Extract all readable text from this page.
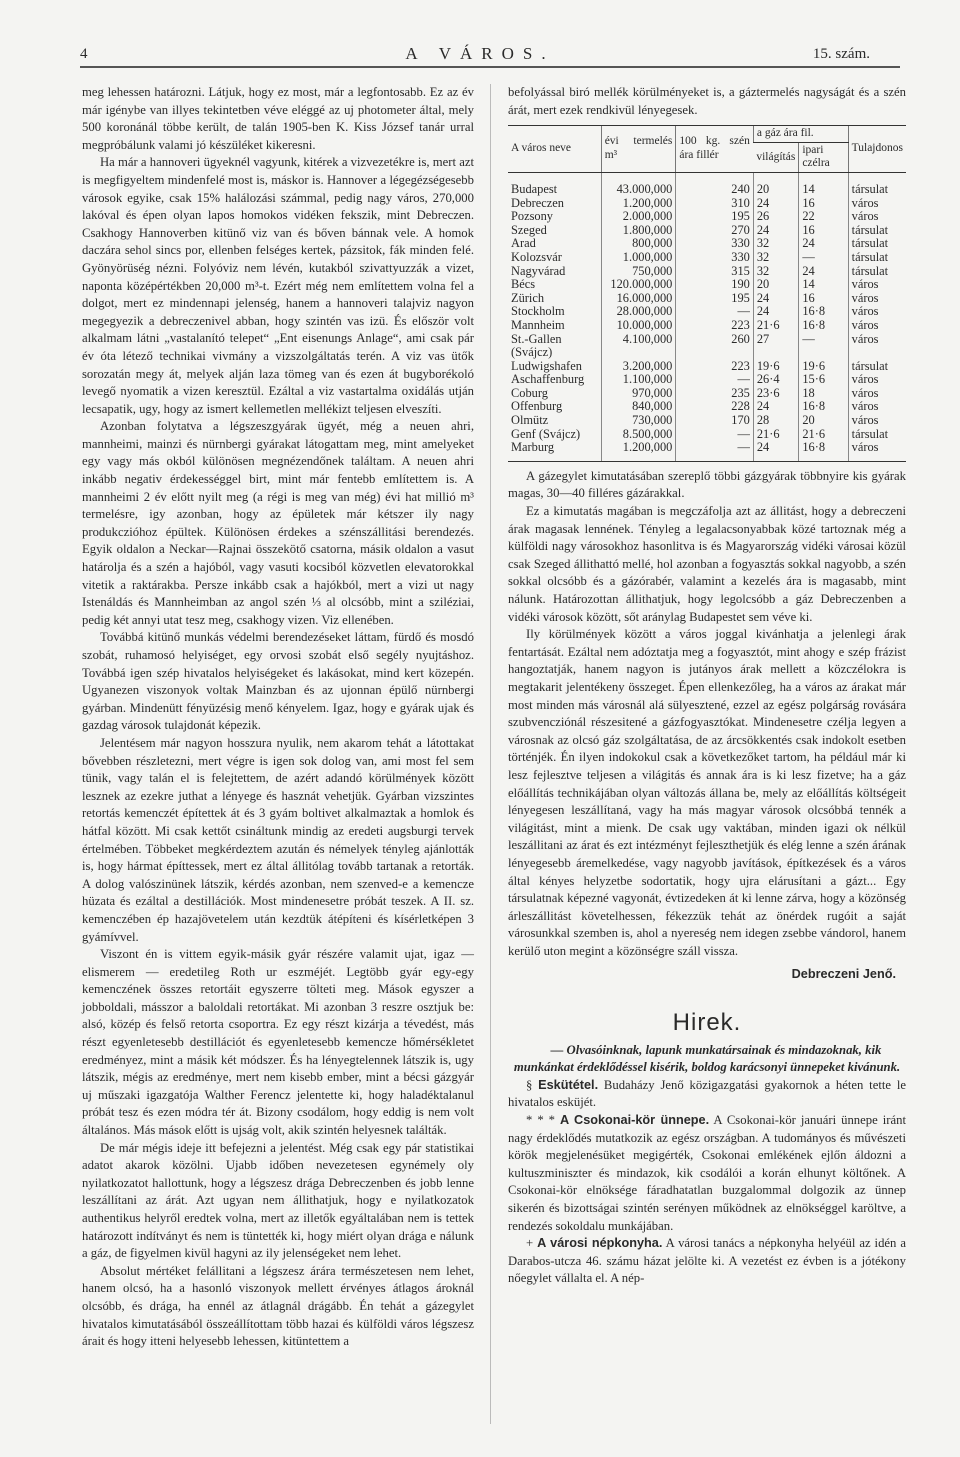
4	A VÁROS.	15. szám.

meg lehessen határozni. Látjuk, hogy ez most, már a legfontosabb. Ez az év már igénybe van illyes tekintetben véve eléggé az uj photometer által, mely 500 koronánál többe került, de talán 1905-ben K. Kiss József tanár urral megpróbálunk valami jó készüléket kikeresni.

Ha már a hannoveri ügyeknél vagyunk, kitérek a vizvezetékre is, mert azt is megfigyeltem mindenfelé most is, máskor is. Hannover a légegézségesebb városok egyike, csak 15% halálozási számmal, pedig nagy város, 270,000 lakóval és épen olyan lapos homokos vidéken fekszik, mint Debreczen. Csakhogy Hannoverben kitünő viz van és bőven bánnak vele. A homok daczára sehol sincs por, ellenben felséges kertek, pázsitok, fák minden felé. Gyönyörüség nézni. Folyóviz nem lévén, kutakból szivattyuzzák a vizet, naponta középértékben 20,000 m³-t. Ezért még nem említettem volna fel a dolgot, mert ez mindennapi jelenség, hanem a hannoveri talajviz nagyon megegyezik a debreczenivel abban, hogy szintén vas izü. És először volt alkalmam látni „vastalanító telepet“ „Ent eisenungs Anlage“, ami csak pár év óta létező technikai vivmány a vizszolgáltatás terén. A viz vas ütők sorozatán megy át, melyek alján laza tömeg van és ezen át bugyborékoló levegő nyomatik a vizen keresztül. Ezáltal a viz vastartalma oxidálás utján lecsapatik, ugy, hogy az ismert kellemetlen mellékizt teljesen elveszíti.

Azonban folytatva a légszeszgyárak ügyét, még a neuen ahri, mannheimi, mainzi és nürnbergi gyárakat látogattam meg, mint amelyeket egy vagy más okból különösen megnézendőnek találtam. A neuen ahri inkább negativ érdekességgel birt, mint már fentebb említettem is. A mannheimi 2 év előtt nyilt meg (a régi is meg van még) évi hat millió m³ termelésre, igy azonban, hogy az épületek már kétszer ily nagy produkczióhoz épültek. Különösen érdekes a szénszállitási berendezés. Egyik oldalon a Neckar—Rajnai összekötő csatorna, másik oldalon a vasut határolja és a szén a hajóból, vagy vasuti kocsiból közvetlen elevatorokkal vitetik a raktárakba. Persze inkább csak a hajókból, mert a vizi ut nagy Istenáldás és Mannheimban az angol szén ⅓ al olcsóbb, mint a sziléziai, pedig két annyi utat tesz meg, csakhogy vizen. Viz ellenében.

Továbbá kitünő munkás védelmi berendezéseket láttam, fürdő és mosdó szobát, ruhamosó helyiséget, egy orvosi szobát első segély nyujtáshoz. Továbbá igen szép hivatalos helyiségeket és lakásokat, mind kert közepén. Ugyanezen viszonyok voltak Mainzban és az ujonnan épülő nürnbergi gyárban. Mindenütt fényüzésig menő kényelem. Igaz, hogy e gyárak ujak és gazdag városok tulajdonát képezik.

Jelentésem már nagyon hosszura nyulik, nem akarom tehát a látottakat bővebben részletezni, mert végre is igen sok dolog van, ami most fel sem tünik, vagy talán el is felejtettem, de azért adandó körülmények között lesznek az ezekre juthat a lényege és hasznát vehetjük. Gyárban vizszintes retortás kemenczét építettek át és 3 gyám boltivet alkalmaztak a homlok és hátfal között. Mi csak kettőt csináltunk mindig az eredeti augsburgi tervek értelmében. Többeket megkérdeztem azután és némelyek tényleg ajánlották is, hogy hármat építtessek, mert ez által állitólag tovább tartanak a retorták. A dolog valószinünek látszik, kérdés azonban, nem szenved-e a kemencze hüzata és ezáltal a destillációk. Most mindenesetre próbát teszek. A II. sz. kemenczében ép hazajövetelem után kezdtük átépíteni és kísérletképen 3 gyámívvel.

Viszont én is vittem egyik-másik gyár részére valamit ujat, igaz — elismerem — eredetileg Roth ur eszméjét. Legtöbb gyár egy-egy kemenczének összes retortáit egyszerre tölteti meg. Mások egyszer a jobboldali, másszor a baloldali retortákat. Mi azonban 3 reszre osztjuk be: alsó, közép és felső retorta csoportra. Ez egy részt kizárja a tévedést, más részt egyenletesebb destillációt és egyenletesebb kemencze hőmérsékletet eredményez, mint a másik két módszer. És ha lényegtelennek látszik is, ugy látszik, mégis az eredménye, mert nem kisebb ember, mint a bécsi gázgyár uj műszaki igazgatója Walther Ferencz jelentette ki, hogy haladéktalanul próbát tesz és ezen módra tér át. Bizony csodálom, hogy eddig is nem volt általános. Más mások előtt is ujság volt, akik szintén helyesnek találták.

De már mégis ideje itt befejezni a jelentést. Még csak egy pár statistikai adatot akarok közölni. Ujabb időben nevezetesen egynémely oly nyilatkozatot hallottunk, hogy a légszesz drága Debreczenben és jobb lenne leszállítani az árát. Azt ugyan nem állithatjuk, hogy e nyilatkozatok authentikus helyről eredtek volna, mert az illetők egyáltalában nem is tettek határozott indítványt és nem is tüntették ki, hogy miért olyan drága e nálunk a gáz, de figyelmen kivül hagyni az ily jelenségeket nem lehet.

Absolut mértéket felállitani a légszesz árára természetesen nem lehet, hanem olcsó, ha a hasonló viszonyok mellett érvényes átlagos ároknál olcsóbb, és drága, ha ennél az átlagnál drágább. Én tehát a gázegylet hivatalos kimutatásából összeállítottam több hazai és külföldi város légszesz árait és hogy itteni helyesebb lehessen, kitüntettem a

befolyással biró mellék körülményeket is, a gáztermelés nagyságát és a szén árát, mert ezek rendkivül lényegesek.

A város neve	évi termelés m³	100 kg. szén ára fillér	a gáz ára fil.		Tulajdonos
			világítás	ipari czélra	
Budapest	43.000,000	240	20	14	társulat
Debreczen	1.200,000	310	24	16	város
Pozsony	2.000,000	195	26	22	város
Szeged	1.800,000	270	24	16	társulat
Arad	800,000	330	32	24	társulat
Kolozsvár	1.000,000	330	32	—	társulat
Nagyvárad	750,000	315	32	24	társulat
Bécs	120.000,000	190	20	14	város
Zürich	16.000,000	195	24	16	város
Stockholm	28.000,000	—	24	16·8	város
Mannheim	10.000,000	223	21·6	16·8	város
St.-Gallen (Svájcz)	4.100,000	260	27	—	város
Ludwigshafen	3.200,000	223	19·6	19·6	társulat
Aschaffenburg	1.100,000	—	26·4	15·6	város
Coburg	970,000	235	23·6	18	város
Offenburg	840,000	228	24	16·8	város
Olmütz	730,000	170	28	20	város
Genf (Svájcz)	8.500,000	—	21·6	21·6	társulat
Marburg	1.200,000	—	24	16·8	város

A gázegylet kimutatásában szereplő többi gázgyárak többnyire kis gyárak magas, 30—40 filléres gázárakkal.

Ez a kimutatás magában is megczáfolja azt az állitást, hogy a debreczeni árak magasak lennének. Tényleg a legalacsonyabbak közé tartoznak még a külföldi nagy városokhoz hasonlitva is és Magyarország vidéki városai közül csak Szeged állithattó mellé, hol azonban a fogyasztás sokkal nagyobb, a szén sokkal olcsóbb és a gázórabér, valamint a kezelés ára is magasabb, mint nálunk. Határozottan állithatjuk, hogy legolcsóbb a gáz Debreczenben a vidéki városok között, sőt aránylag Budapestet sem véve ki.

Ily körülmények között a város joggal kivánhatja a jelenlegi árak fentartását. Ezáltal nem adóztatja meg a fogyasztót, mint ahogy e szép frázist hangoztatják, hanem nagyon is jutányos árak mellett a közczélokra is megtakarit jelentékeny összeget. Épen ellenkezőleg, ha a város az árakat már most minden más városnál alá sülyesztené, ezzel az egész polgárság rovására szubvencziónál részesitené a gázfogyasztókat. Mindenesetre czélja legyen a városnak az olcsó gáz szolgáltatása, de az árcsökkentés csak indokolt esetben történjék. Én ilyen indokokul csak a következőket tartom, ha például már ki lesz fejlesztve teljesen a világitás és annak ára is ki lesz fizetve; ha a gáz előállítás technikájában olyan változás állana be, mely az előállítás költségeit lényegesen leszállítaná, vagy ha más magyar városok olcsóbbá tennék a világitást, mint a mienk. De csak ugy vaktában, minden igazi ok nélkül leszállitani az árat és ezt intézményt fejleszthetjük és elég lenne a szén árának lényegesebb áremelkedése, vagy nagyobb javítások, építkezések és a város által kényes helyzetbe sodortatik, hogy ujra elárusítani a gázt... Egy társulatnak képezné vagyonát, évtizedeken át ki lenne zárva, hogy a közönség árleszállitást követelhessen, fékezzük tehát az önérdek rugóit a saját városunkkal szemben is, ahol a nyereség nem idegen zsebbe vándorol, hanem kerülő uton megint a közönségre száll vissza.

Debreczeni Jenő.
Hirek.

— Olvasóinknak, lapunk munkatársainak és mindazoknak, kik munkánkat érdeklődéssel kisérik, boldog karácsonyi ünnepeket kivánunk.

§ Eskütétel. Budaházy Jenő közigazgatási gyakornok a héten tette le hivatalos esküjét.

* * * A Csokonai-kör ünnepe. A Csokonai-kör januári ünnepe iránt nagy érdeklődés mutatkozik az egész országban. A tudományos és művészeti körök megjelenésüket megigérték, Csokonai emlékének ejlőn áldozni a kultuszminiszter és mindazok, kik csodálói a korán elhunyt költőnek. A Csokonai-kör elnöksége fáradhatatlan buzgalommal dolgozik az ünnep sikerén és bizottságai szintén serényen működnek az elnökséggel karöltve, a rendezés sokoldalu munkájában.

+ A városi népkonyha. A városi tanács a népkonyha helyéül az idén a Darabos-utcza 46. számu házat jelölte ki. A vezetést ez évben is a jótékony nőegylet vállalta el. A nép-
